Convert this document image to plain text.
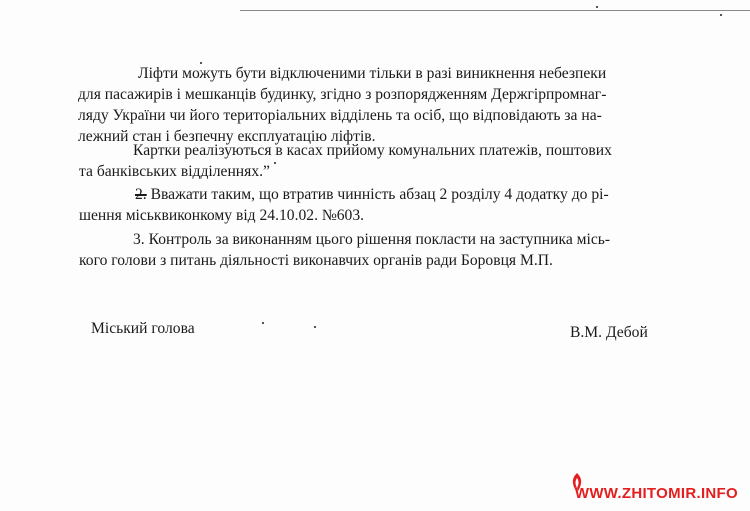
Ліфти можуть бути відключеними тільки в разі виникнення небезпеки
для пасажирів і мешканців будинку, згідно з розпорядженням Держгірпромнаг-
ляду України чи його територіальних відділень та осіб, що відповідають за на-
лежний стан і безпечну експлуатацію ліфтів.

Картки реалізуються в касах прийому комунальних платежів, поштових
та банківських відділеннях.”

2. Вважати таким, що втратив чинність абзац 2 розділу 4 додатку до рі-
шення міськвиконкому від 24.10.02. №603.

3. Контроль за виконанням цього рішення покласти на заступника місь-
кого голови з питань діяльності виконавчих органів ради Боровця М.П.

Міський голова	В.М. Дебой
WWW.ZHITOMIR.INFO
